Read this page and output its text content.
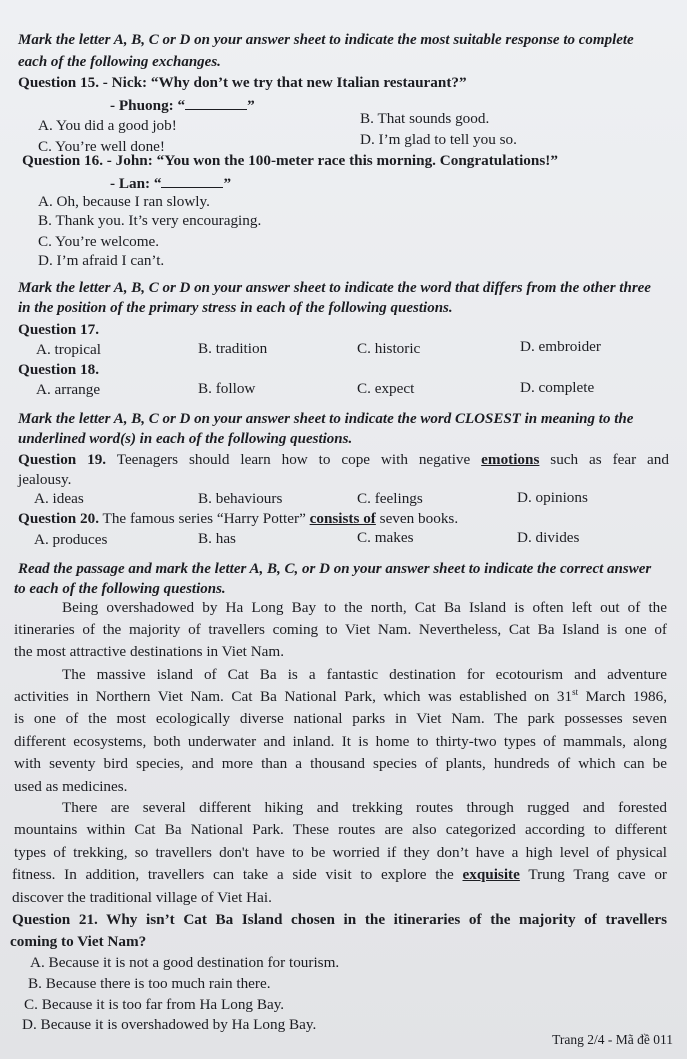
Mark the letter A, B, C or D on your answer sheet to indicate the most suitable response to complete
each of the following exchanges.
Question 15. - Nick: “Why don’t we try that new Italian restaurant?”
- Phuong: “	”
A. You did a good job!	B. That sounds good.
C. You’re well done!	D. I’m glad to tell you so.
Question 16. - John: “You won the 100-meter race this morning. Congratulations!”
- Lan: “	”
A. Oh, because I ran slowly.
B. Thank you. It’s very encouraging.
C. You’re welcome.
D. I’m afraid I can’t.
Mark the letter A, B, C or D on your answer sheet to indicate the word that differs from the other three
in the position of the primary stress in each of the following questions.
Question 17.
A. tropical	B. tradition	C. historic	D. embroider
Question 18.
A. arrange	B. follow	C. expect	D. complete
Mark the letter A, B, C or D on your answer sheet to indicate the word CLOSEST in meaning to the
underlined word(s) in each of the following questions.
Question 19. Teenagers should learn how to cope with negative emotions such as fear and
jealousy.
A. ideas	B. behaviours	C. feelings	D. opinions
Question 20. The famous series “Harry Potter” consists of seven books.
A. produces	B. has	C. makes	D. divides
Read the passage and mark the letter A, B, C, or D on your answer sheet to indicate the correct answer
to each of the following questions.
Being overshadowed by Ha Long Bay to the north, Cat Ba Island is often left out of the
itineraries of the majority of travellers coming to Viet Nam. Nevertheless, Cat Ba Island is one of
the most attractive destinations in Viet Nam.
The massive island of Cat Ba is a fantastic destination for ecotourism and adventure
activities in Northern Viet Nam. Cat Ba National Park, which was established on 31st March 1986,
is one of the most ecologically diverse national parks in Viet Nam. The park possesses seven
different ecosystems, both underwater and inland. It is home to thirty-two types of mammals, along
with seventy bird species, and more than a thousand species of plants, hundreds of which can be
used as medicines.
There are several different hiking and trekking routes through rugged and forested
mountains within Cat Ba National Park. These routes are also categorized according to different
types of trekking, so travellers don't have to be worried if they don’t have a high level of physical
fitness. In addition, travellers can take a side visit to explore the exquisite Trung Trang cave or
discover the traditional village of Viet Hai.
Question 21. Why isn’t Cat Ba Island chosen in the itineraries of the majority of travellers
coming to Viet Nam?
A. Because it is not a good destination for tourism.
B. Because there is too much rain there.
C. Because it is too far from Ha Long Bay.
D. Because it is overshadowed by Ha Long Bay.
Trang 2/4 - Mã đề 011
